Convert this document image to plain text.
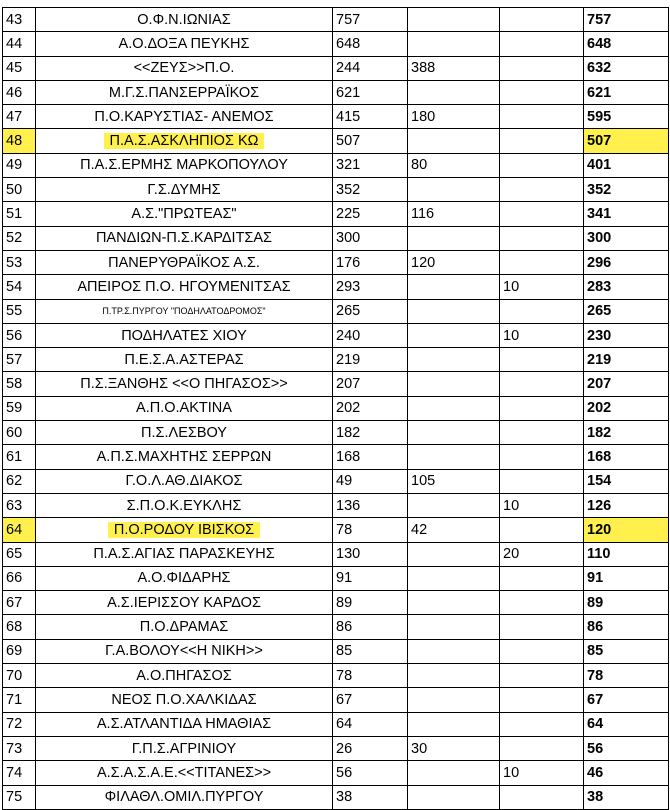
43	Ο.Φ.Ν.ΙΩΝΙΑΣ	757			757
44	Α.Ο.ΔΟΞΑ ΠΕΥΚΗΣ	648			648
45	<<ΖΕΥΣ>>Π.Ο.	244	388		632
46	Μ.Γ.Σ.ΠΑΝΣΕΡΡΑΪΚΟΣ	621			621
47	Π.Ο.ΚΑΡΥΣΤΙΑΣ- ΑΝΕΜΟΣ	415	180		595
48	Π.Α.Σ.ΑΣΚΛΗΠΙΟΣ ΚΩ	507			507
49	Π.Α.Σ.ΕΡΜΗΣ ΜΑΡΚΟΠΟΥΛΟΥ	321	80		401
50	Γ.Σ.ΔΥΜΗΣ	352			352
51	Α.Σ."ΠΡΩΤΕΑΣ"	225	116		341
52	ΠΑΝΔΙΩΝ-Π.Σ.ΚΑΡΔΙΤΣΑΣ	300			300
53	ΠΑΝΕΡΥΘΡΑΪΚΟΣ Α.Σ.	176	120		296
54	ΑΠΕΙΡΟΣ Π.Ο. ΗΓΟΥΜΕΝΙΤΣΑΣ	293		10	283
55	Π.ΤΡ.Σ.ΠΥΡΓΟΥ "ΠΟΔΗΛΑΤΟΔΡΟΜΟΣ"	265			265
56	ΠΟΔΗΛΑΤΕΣ ΧΙΟΥ	240		10	230
57	Π.Ε.Σ.Α.ΑΣΤΕΡΑΣ	219			219
58	Π.Σ.ΞΑΝΘΗΣ <<Ο ΠΗΓΑΣΟΣ>>	207			207
59	Α.Π.Ο.ΑΚΤΙΝΑ	202			202
60	Π.Σ.ΛΕΣΒΟΥ	182			182
61	Α.Π.Σ.ΜΑΧΗΤΗΣ ΣΕΡΡΩΝ	168			168
62	Γ.Ο.Λ.ΑΘ.ΔΙΑΚΟΣ	49	105		154
63	Σ.Π.Ο.Κ.ΕΥΚΛΗΣ	136		10	126
64	Π.Ο.ΡΟΔΟΥ ΙΒΙΣΚΟΣ	78	42		120
65	Π.Α.Σ.ΑΓΙΑΣ ΠΑΡΑΣΚΕΥΗΣ	130		20	110
66	Α.Ο.ΦΙΔΑΡΗΣ	91			91
67	Α.Σ.ΙΕΡΙΣΣΟΥ ΚΑΡΔΟΣ	89			89
68	Π.Ο.ΔΡΑΜΑΣ	86			86
69	Γ.Α.ΒΟΛΟΥ<<Η ΝΙΚΗ>>	85			85
70	Α.Ο.ΠΗΓΑΣΟΣ	78			78
71	ΝΕΟΣ Π.Ο.ΧΑΛΚΙΔΑΣ	67			67
72	Α.Σ.ΑΤΛΑΝΤΙΔΑ ΗΜΑΘΙΑΣ	64			64
73	Γ.Π.Σ.ΑΓΡΙΝΙΟΥ	26	30		56
74	Α.Σ.Α.Σ.Α.Ε.<<ΤΙΤΑΝΕΣ>>	56		10	46
75	ΦΙΛΑΘΛ.ΟΜΙΛ.ΠΥΡΓΟΥ	38			38
